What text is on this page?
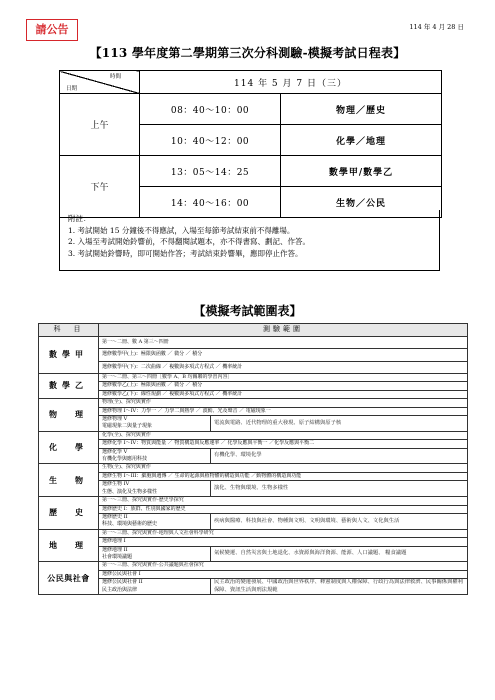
請公告	114 年 4 月 28 日
【113 學年度第二學期第三次分科測驗-模擬考試日程表】
時間
日期	114 年 5 月 7 日（三）	
上午	08：40～10：00	物理／歷史
	10：40～12：00	化學／地理
下午	13：05～14：25	數學甲/數學乙
	14：40～16：00	生物／公民
附註：
1. 考試開始 15 分鐘後不得應試，入場至每節考試結束前不得離場。
2. 入場至考試開始鈴響前，不得翻閱試題本，亦不得書寫、劃記、作答。
3. 考試開始鈴響時，即可開始作答；考試結束鈴響畢，應即停止作答。
【模擬考試範圍表】
科　目	測驗範圍	
數學甲	第一～二冊、數 A 第三～四冊	
	選修數學甲(上)：極限與函數 ／ 微分 ／ 積分	
	選修數學甲(下)：二次曲線 ／ 複數與多項式方程式 ／ 機率統計	
數學乙	第一～二冊、第三～四冊［數學 A、B 均關聯的學習內容］	
	選修數學乙(上)：極限與函數 ／ 微分 ／ 積分	
	選修數學乙(下)：線性規劃 ／ 複數與多項式方程式 ／ 機率統計	
物　理	物理(全)、探究與實作	
	選修物理 I～IV：力學一 ／ 力學二與熱學 ／ 波動、光及聲音 ／ 電磁現象一	

	選修物理 V
電磁現象二與量子現象	電流與電路、近代物理的重大發現、原子結構與原子核
化　學	化學(全)、探究與實作	
	選修化學 I～IV：物質與能量 ／ 物質構造與反應速率 ／ 化學反應與平衡一 ／化學反應與平衡二	

	選修化學 V
有機化學與應用科技	有機化學、環境化學
生　物	生物(全)、探究與實作	
	選修生物 I～III：細胞與遺傳 ／ 生命的起源與植物體的構造與功能 ／動物體的構造與功能	

	選修生物 IV
生態、演化及生物多樣性	演化、生物與環境、生物多樣性
歷　史	第一～三冊、探究與實作-歷史學探究	
	選修歷史 I：族群、性別與國家的歷史	

	選修歷史 II
科技、環境與藝術的歷史	疾病與醫療、科技與社會、物種與文明、文明與環境、藝術與人文、文化與生活
地　理	第一～三冊、探究與實作-地理與人文社會科學研究	
	選修地理 I	

	選修地理 II
社會環境議題	氣候變遷、自然災害與土地退化、水資源與海洋資源、能源、人口議題、 糧食議題
公民與社會	第一～三冊、探究與實作-公共議題與社會探究	
	選修公民與社會 I	

	選修公民與社會 II
民主政治與法律	民主政治的變遷發展、中國政治與世界秩序、釋憲制度與人權保障、行政行為與法律救濟、民事關係與權利保障、資訊生活與刑法規範
